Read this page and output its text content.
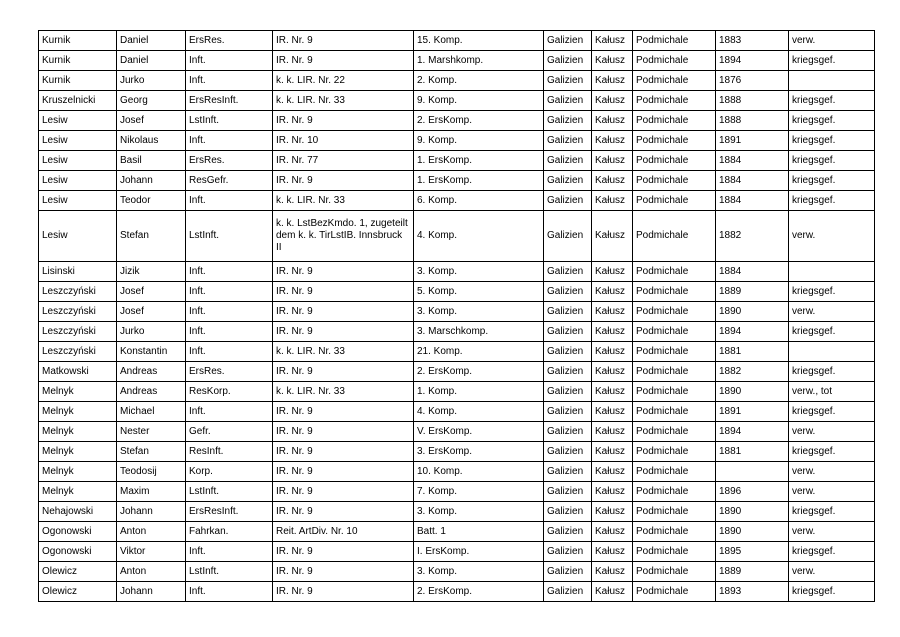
Kurnik	Daniel	ErsRes.	IR. Nr. 9	15. Komp.	Galizien	Kałusz	Podmichale	1883	verw.
Kurnik	Daniel	Inft.	IR. Nr. 9	1. Marshkomp.	Galizien	Kałusz	Podmichale	1894	kriegsgef.
Kurnik	Jurko	Inft.	k. k. LIR. Nr. 22	2. Komp.	Galizien	Kałusz	Podmichale	1876	
Kruszelnicki	Georg	ErsResInft.	k. k. LIR. Nr. 33	9. Komp.	Galizien	Kałusz	Podmichale	1888	kriegsgef.
Lesiw	Josef	LstInft.	IR. Nr. 9	2. ErsKomp.	Galizien	Kałusz	Podmichale	1888	kriegsgef.
Lesiw	Nikolaus	Inft.	IR. Nr. 10	9. Komp.	Galizien	Kałusz	Podmichale	1891	kriegsgef.
Lesiw	Basil	ErsRes.	IR. Nr. 77	1. ErsKomp.	Galizien	Kałusz	Podmichale	1884	kriegsgef.
Lesiw	Johann	ResGefr.	IR. Nr. 9	1. ErsKomp.	Galizien	Kałusz	Podmichale	1884	kriegsgef.
Lesiw	Teodor	Inft.	k. k. LIR. Nr. 33	6. Komp.	Galizien	Kałusz	Podmichale	1884	kriegsgef.
Lesiw	Stefan	LstInft.	k. k. LstBezKmdo. 1, zugeteilt dem k. k. TirLstIB. Innsbruck II	4. Komp.	Galizien	Kałusz	Podmichale	1882	verw.
Lisinski	Jizik	Inft.	IR. Nr. 9	3. Komp.	Galizien	Kałusz	Podmichale	1884	
Leszczyński	Josef	Inft.	IR. Nr. 9	5. Komp.	Galizien	Kałusz	Podmichale	1889	kriegsgef.
Leszczyński	Josef	Inft.	IR. Nr. 9	3. Komp.	Galizien	Kałusz	Podmichale	1890	verw.
Leszczyński	Jurko	Inft.	IR. Nr. 9	3. Marschkomp.	Galizien	Kałusz	Podmichale	1894	kriegsgef.
Leszczyński	Konstantin	Inft.	k. k. LIR. Nr. 33	21. Komp.	Galizien	Kałusz	Podmichale	1881	
Matkowski	Andreas	ErsRes.	IR. Nr. 9	2. ErsKomp.	Galizien	Kałusz	Podmichale	1882	kriegsgef.
Melnyk	Andreas	ResKorp.	k. k. LIR. Nr. 33	1. Komp.	Galizien	Kałusz	Podmichale	1890	verw., tot
Melnyk	Michael	Inft.	IR. Nr. 9	4. Komp.	Galizien	Kałusz	Podmichale	1891	kriegsgef.
Melnyk	Nester	Gefr.	IR. Nr. 9	V. ErsKomp.	Galizien	Kałusz	Podmichale	1894	verw.
Melnyk	Stefan	ResInft.	IR. Nr. 9	3. ErsKomp.	Galizien	Kałusz	Podmichale	1881	kriegsgef.
Melnyk	Teodosij	Korp.	IR. Nr. 9	10. Komp.	Galizien	Kałusz	Podmichale		verw.
Melnyk	Maxim	LstInft.	IR. Nr. 9	7. Komp.	Galizien	Kałusz	Podmichale	1896	verw.
Nehajowski	Johann	ErsResInft.	IR. Nr. 9	3. Komp.	Galizien	Kałusz	Podmichale	1890	kriegsgef.
Ogonowski	Anton	Fahrkan.	Reit. ArtDiv. Nr. 10	Batt. 1	Galizien	Kałusz	Podmichale	1890	verw.
Ogonowski	Viktor	Inft.	IR. Nr. 9	I. ErsKomp.	Galizien	Kałusz	Podmichale	1895	kriegsgef.
Olewicz	Anton	LstInft.	IR. Nr. 9	3. Komp.	Galizien	Kałusz	Podmichale	1889	verw.
Olewicz	Johann	Inft.	IR. Nr. 9	2. ErsKomp.	Galizien	Kałusz	Podmichale	1893	kriegsgef.
